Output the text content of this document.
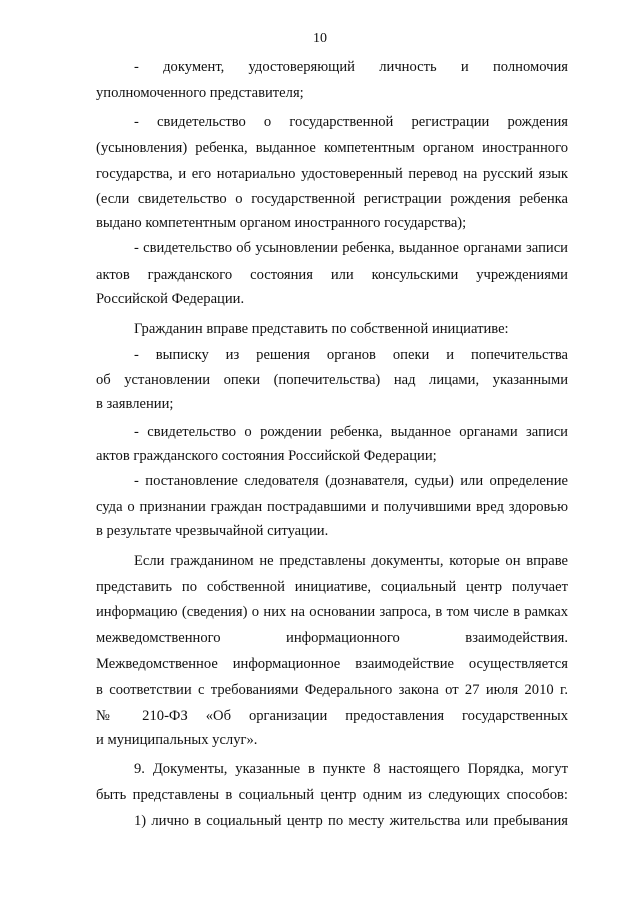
10
- документ, удостоверяющий личность и полномочия
уполномоченного представителя;
- свидетельство о государственной регистрации рождения
(усыновления) ребенка, выданное компетентным органом иностранного
государства, и его нотариально удостоверенный перевод на русский язык
(если свидетельство о государственной регистрации рождения ребенка
выдано компетентным органом иностранного государства);
- свидетельство об усыновлении ребенка, выданное органами записи
актов гражданского состояния или консульскими учреждениями
Российской Федерации.
Гражданин вправе представить по собственной инициативе:
- выписку из решения органов опеки и попечительства
об установлении опеки (попечительства) над лицами, указанными
в заявлении;
- свидетельство о рождении ребенка, выданное органами записи
актов гражданского состояния Российской Федерации;
- постановление следователя (дознавателя, судьи) или определение
суда о признании граждан пострадавшими и получившими вред здоровью
в результате чрезвычайной ситуации.
Если гражданином не представлены документы, которые он вправе
представить по собственной инициативе, социальный центр получает
информацию (сведения) о них на основании запроса, в том числе в рамках
межведомственного информационного взаимодействия.
Межведомственное информационное взаимодействие осуществляется
в соответствии с требованиями Федерального закона от 27 июля 2010 г.
№ 210-ФЗ «Об организации предоставления государственных
и муниципальных услуг».
9. Документы, указанные в пункте 8 настоящего Порядка, могут
быть представлены в социальный центр одним из следующих способов:
1) лично в социальный центр по месту жительства или пребывания
